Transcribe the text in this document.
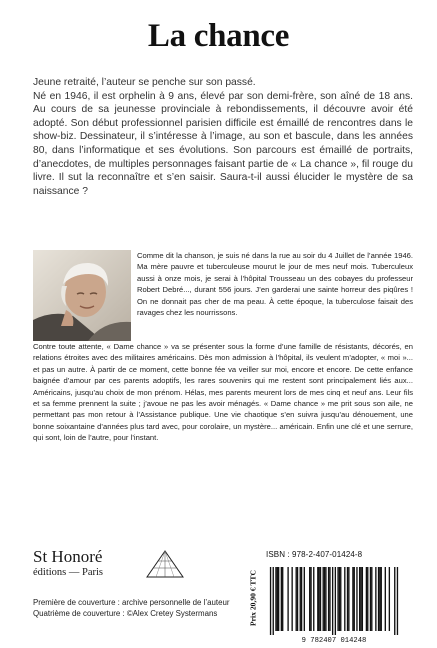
La chance

Jeune retraité, l’auteur se penche sur son passé.

Né en 1946, il est orphelin à 9 ans, élevé par son demi-frère, son aîné de 18 ans. Au cours de sa jeunesse provinciale à rebondissements, il découvre avoir été adopté. Son début professionnel parisien difficile est émaillé de rencontres dans le show-biz. Dessinateur, il s’intéresse à l’image, au son et bascule, dans les années 80, dans l’informatique et ses évolutions. Son parcours est émaillé de portraits, d’anecdotes, de multiples personnages faisant partie de « La chance », fil rouge du livre. Il sut la reconnaître et s’en saisir. Saura-t-il aussi élucider le mystère de sa naissance ?

Comme dit la chanson, je suis né dans la rue au soir du 4 Juillet de l’année 1946. Ma mère pauvre et tuberculeuse mourut le jour de mes neuf mois. Tuberculeux aussi à onze mois, je serai à l’hôpital Trousseau un des cobayes du professeur Robert Debré..., durant 556 jours. J’en garderai une sainte horreur des piqûres ! On ne donnait pas cher de ma peau. À cette époque, la tuberculose faisait des ravages chez les nourrissons.

Contre toute attente, « Dame chance » va se présenter sous la forme d’une famille de résistants, décorés, en relations étroites avec des militaires américains. Dès mon admission à l’hôpital, ils veulent m’adopter, « moi »... et pas un autre. À partir de ce moment, cette bonne fée va veiller sur moi, encore et encore. De cette enfance baignée d’amour par ces parents adoptifs, les rares souvenirs qui me restent sont principalement liés aux... Américains, jusqu’au choix de mon prénom. Hélas, mes parents meurent lors de mes cinq et neuf ans. Leur fils et sa femme prennent la suite ; j’avoue ne pas les avoir ménagés. « Dame chance » me prit sous son aile, ne permettant pas mon retour à l’Assistance publique. Une vie chaotique s’en suivra jusqu’au dénouement, une bonne soixantaine d’années plus tard avec, pour corolaire, un mystère... américain. Enfin une clé et une serrure, qui sont, loin de l’autre, pour l’instant.

St Honoré
éditions — Paris	Prix 20,90 € TTC
ISBN : 978-2-407-01424-8
9 782407 014248

Première de couverture : archive personnelle de l’auteur

Quatrième de couverture : ©Alex Cretey Systermans
